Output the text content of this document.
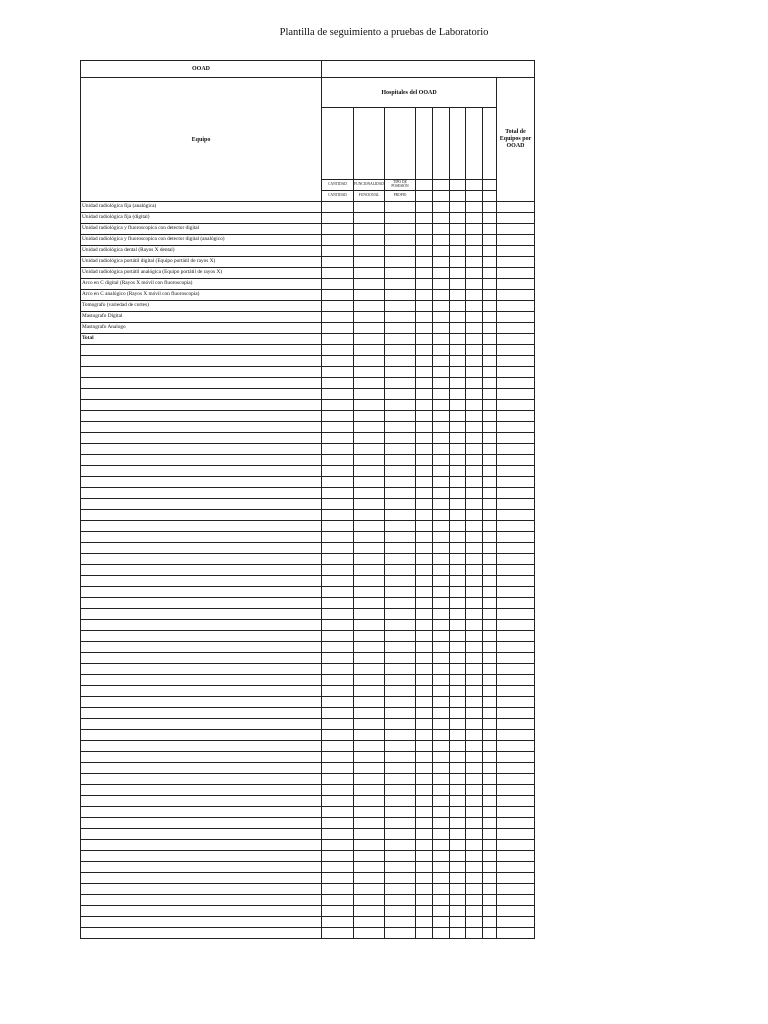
Plantilla de seguimiento a pruebas de Laboratorio
OOAD									
Equipo	Hospitales del OOAD								Total de Equipos por OOAD

	CANTIDAD	FUNCIONALIDAD	TIPO DE POSESIÓN						
	CANTIDAD	FUNCIONAL	PROPIO						
Unidad radiológica fija (analógica)									
Unidad radiológica fija (digital)									
Unidad radiológica y fluoroscopica con detector digital									
Unidad radiológica y fluoroscopica con detector digital (analógico)									
Unidad radiológica dental (Rayos X dental)									
Unidad radiológica portátil digital (Equipo portátil de rayos X)									
Unidad radiológica portátil analógica (Equipo portátil de rayos X)									
Arco en C digital (Rayos X móvil con fluoroscopia)									
Arco en C analógico (Rayos X móvil con fluoroscopia)									
Tomografo (variedad de cortes)									
Mastografo Digital									
Mastografo Analogo									
Total									
